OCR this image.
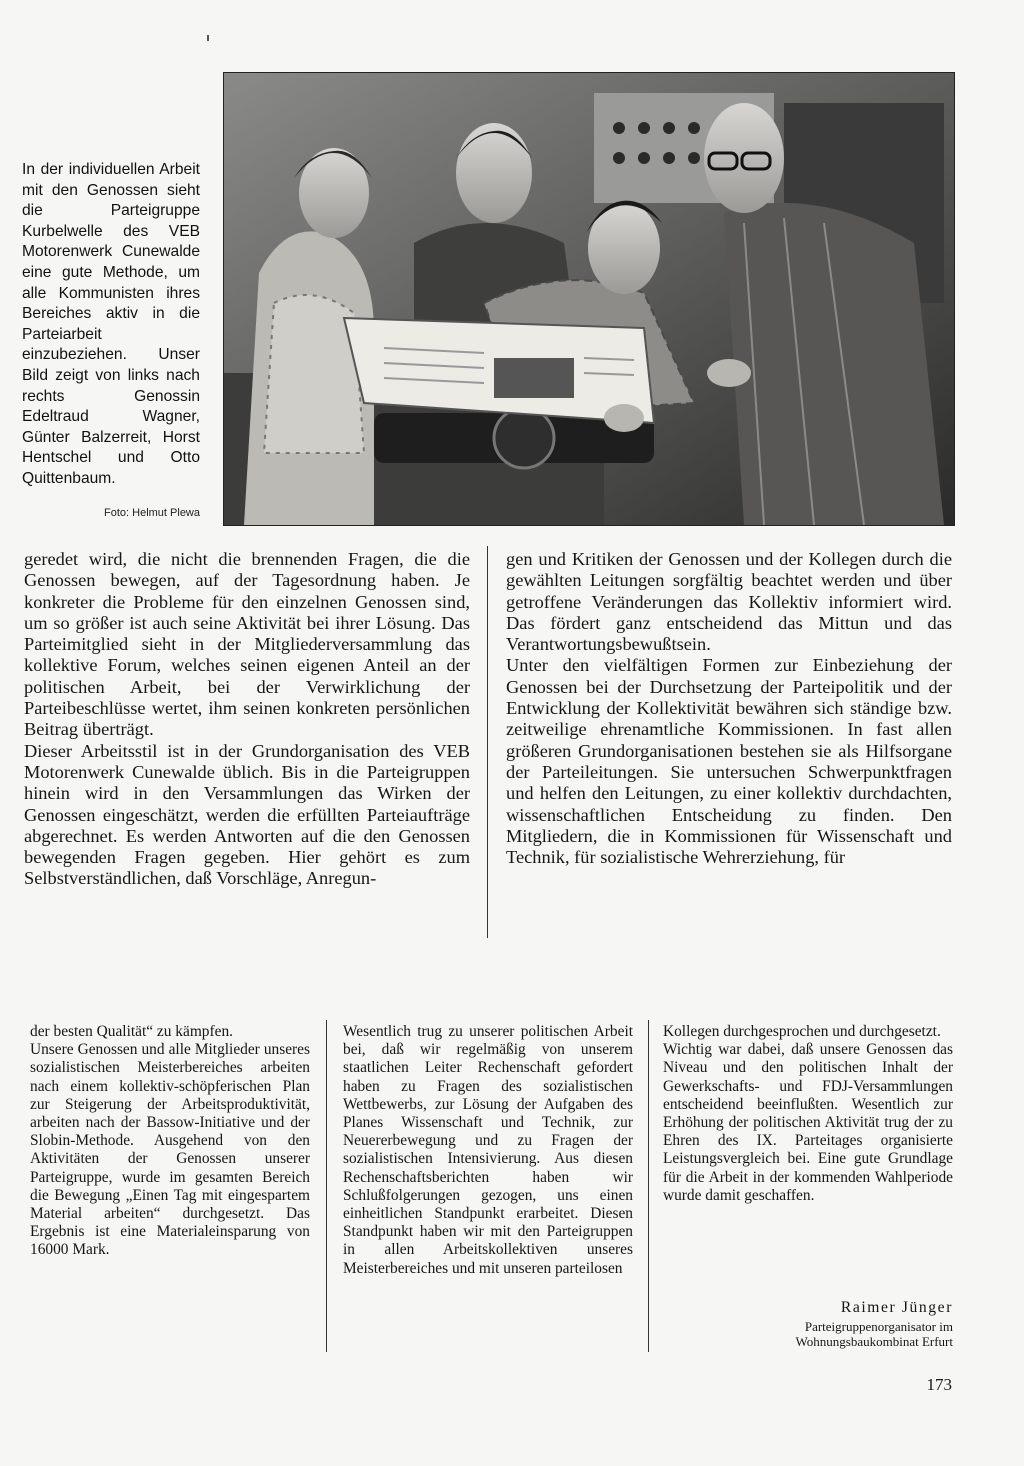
In der individuellen Arbeit mit den Genossen sieht die Parteigruppe Kurbelwelle des VEB Motorenwerk Cunewalde eine gute Methode, um alle Kommunisten ihres Bereiches aktiv in die Parteiarbeit einzubeziehen. Unser Bild zeigt von links nach rechts Genossin Edeltraud Wagner, Günter Balzerreit, Horst Hentschel und Otto Quittenbaum.
Foto: Helmut Plewa

geredet wird, die nicht die brennenden Fragen, die die Genossen bewegen, auf der Tagesordnung haben. Je konkreter die Probleme für den einzelnen Genossen sind, um so größer ist auch seine Aktivität bei ihrer Lösung. Das Parteimitglied sieht in der Mitgliederversammlung das kollektive Forum, welches seinen eigenen Anteil an der politischen Arbeit, bei der Verwirklichung der Parteibeschlüsse wertet, ihm seinen konkreten persönlichen Beitrag überträgt.

Dieser Arbeitsstil ist in der Grundorganisation des VEB Motorenwerk Cunewalde üblich. Bis in die Parteigruppen hinein wird in den Versammlungen das Wirken der Genossen eingeschätzt, werden die erfüllten Parteiaufträge abgerechnet. Es werden Antworten auf die den Genossen bewegenden Fragen gegeben. Hier gehört es zum Selbstverständlichen, daß Vorschläge, Anregun-

gen und Kritiken der Genossen und der Kollegen durch die gewählten Leitungen sorgfältig beachtet werden und über getroffene Veränderungen das Kollektiv informiert wird. Das fördert ganz entscheidend das Mittun und das Verantwortungsbewußtsein.

Unter den vielfältigen Formen zur Einbeziehung der Genossen bei der Durchsetzung der Parteipolitik und der Entwicklung der Kollektivität bewähren sich ständige bzw. zeitweilige ehrenamtliche Kommissionen. In fast allen größeren Grundorganisationen bestehen sie als Hilfsorgane der Parteileitungen. Sie untersuchen Schwerpunktfragen und helfen den Leitungen, zu einer kollektiv durchdachten, wissenschaftlichen Entscheidung zu finden. Den Mitgliedern, die in Kommissionen für Wissenschaft und Technik, für sozialistische Wehrerziehung, für

der besten Qualität“ zu kämpfen.

Unsere Genossen und alle Mitglieder unseres sozialistischen Meisterbereiches arbeiten nach einem kollektiv-schöpferischen Plan zur Steigerung der Arbeitsproduktivität, arbeiten nach der Bassow-Initiative und der Slobin-Methode. Ausgehend von den Aktivitäten der Genossen unserer Parteigruppe, wurde im gesamten Bereich die Bewegung „Einen Tag mit eingespartem Material arbeiten“ durchgesetzt. Das Ergebnis ist eine Materialeinsparung von 16000 Mark.

Wesentlich trug zu unserer politischen Arbeit bei, daß wir regelmäßig von unserem staatlichen Leiter Rechenschaft gefordert haben zu Fragen des sozialistischen Wettbewerbs, zur Lösung der Aufgaben des Planes Wissenschaft und Technik, zur Neuererbewegung und zu Fragen der sozialistischen Intensivierung. Aus diesen Rechenschaftsberichten haben wir Schlußfolgerungen gezogen, uns einen einheitlichen Standpunkt erarbeitet. Diesen Standpunkt haben wir mit den Parteigruppen in allen Arbeitskollektiven unseres Meisterbereiches und mit unseren parteilosen

Kollegen durchgesprochen und durchgesetzt.

Wichtig war dabei, daß unsere Genossen das Niveau und den politischen Inhalt der Gewerkschafts- und FDJ-Versammlungen entscheidend beeinflußten. Wesentlich zur Erhöhung der politischen Aktivität trug der zu Ehren des IX. Parteitages organisierte Leistungsvergleich bei. Eine gute Grundlage für die Arbeit in der kommenden Wahlperiode wurde damit geschaffen.

Raimer Jünger
Parteigruppenorganisator im
Wohnungsbaukombinat Erfurt
173
